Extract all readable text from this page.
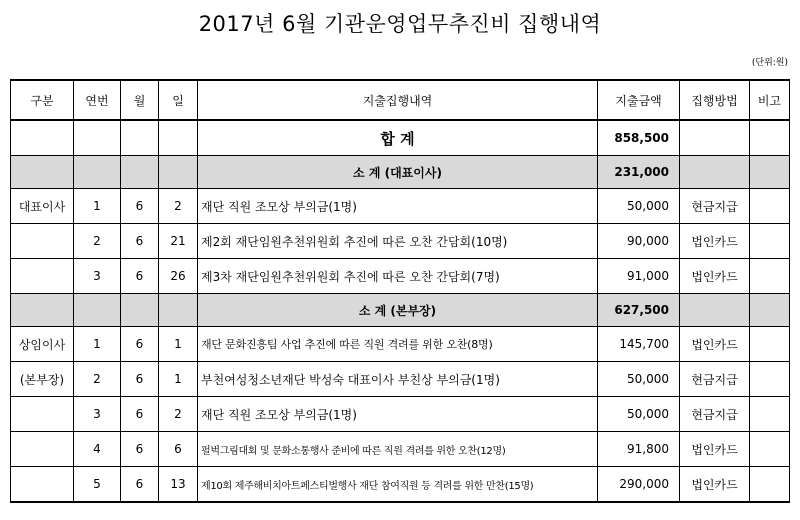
2017년 6월 기관운영업무추진비 집행내역
(단위:원)
구분	연번	월	일	지출집행내역	지출금액	집행방법	비고
				합 계	858,500		
				소 계 (대표이사)	231,000		
대표이사	1	6	2	재단 직원 조모상 부의금(1명)	50,000	현금지급	
	2	6	21	제2회 재단임원추천위원회 추진에 따른 오찬 간담회(10명)	90,000	법인카드	
	3	6	26	제3차 재단임원추천위원회 추진에 따른 오찬 간담회(7명)	91,000	법인카드	
				소 계 (본부장)	627,500		
상임이사	1	6	1	재단 문화진흥팀 사업 추진에 따른 직원 격려를 위한 오찬(8명)	145,700	법인카드	
(본부장)	2	6	1	부천여성청소년재단 박성숙 대표이사 부친상 부의금(1명)	50,000	현금지급	
	3	6	2	재단 직원 조모상 부의금(1명)	50,000	현금지급	
	4	6	6	펄벅그림대회 및 문화소통행사 준비에 따른 직원 격려를 위한 오찬(12명)	91,800	법인카드	
	5	6	13	제10회 제주해비치아트페스티벌행사 재단 참여직원 등 격려를 위한 만찬(15명)	290,000	법인카드	
